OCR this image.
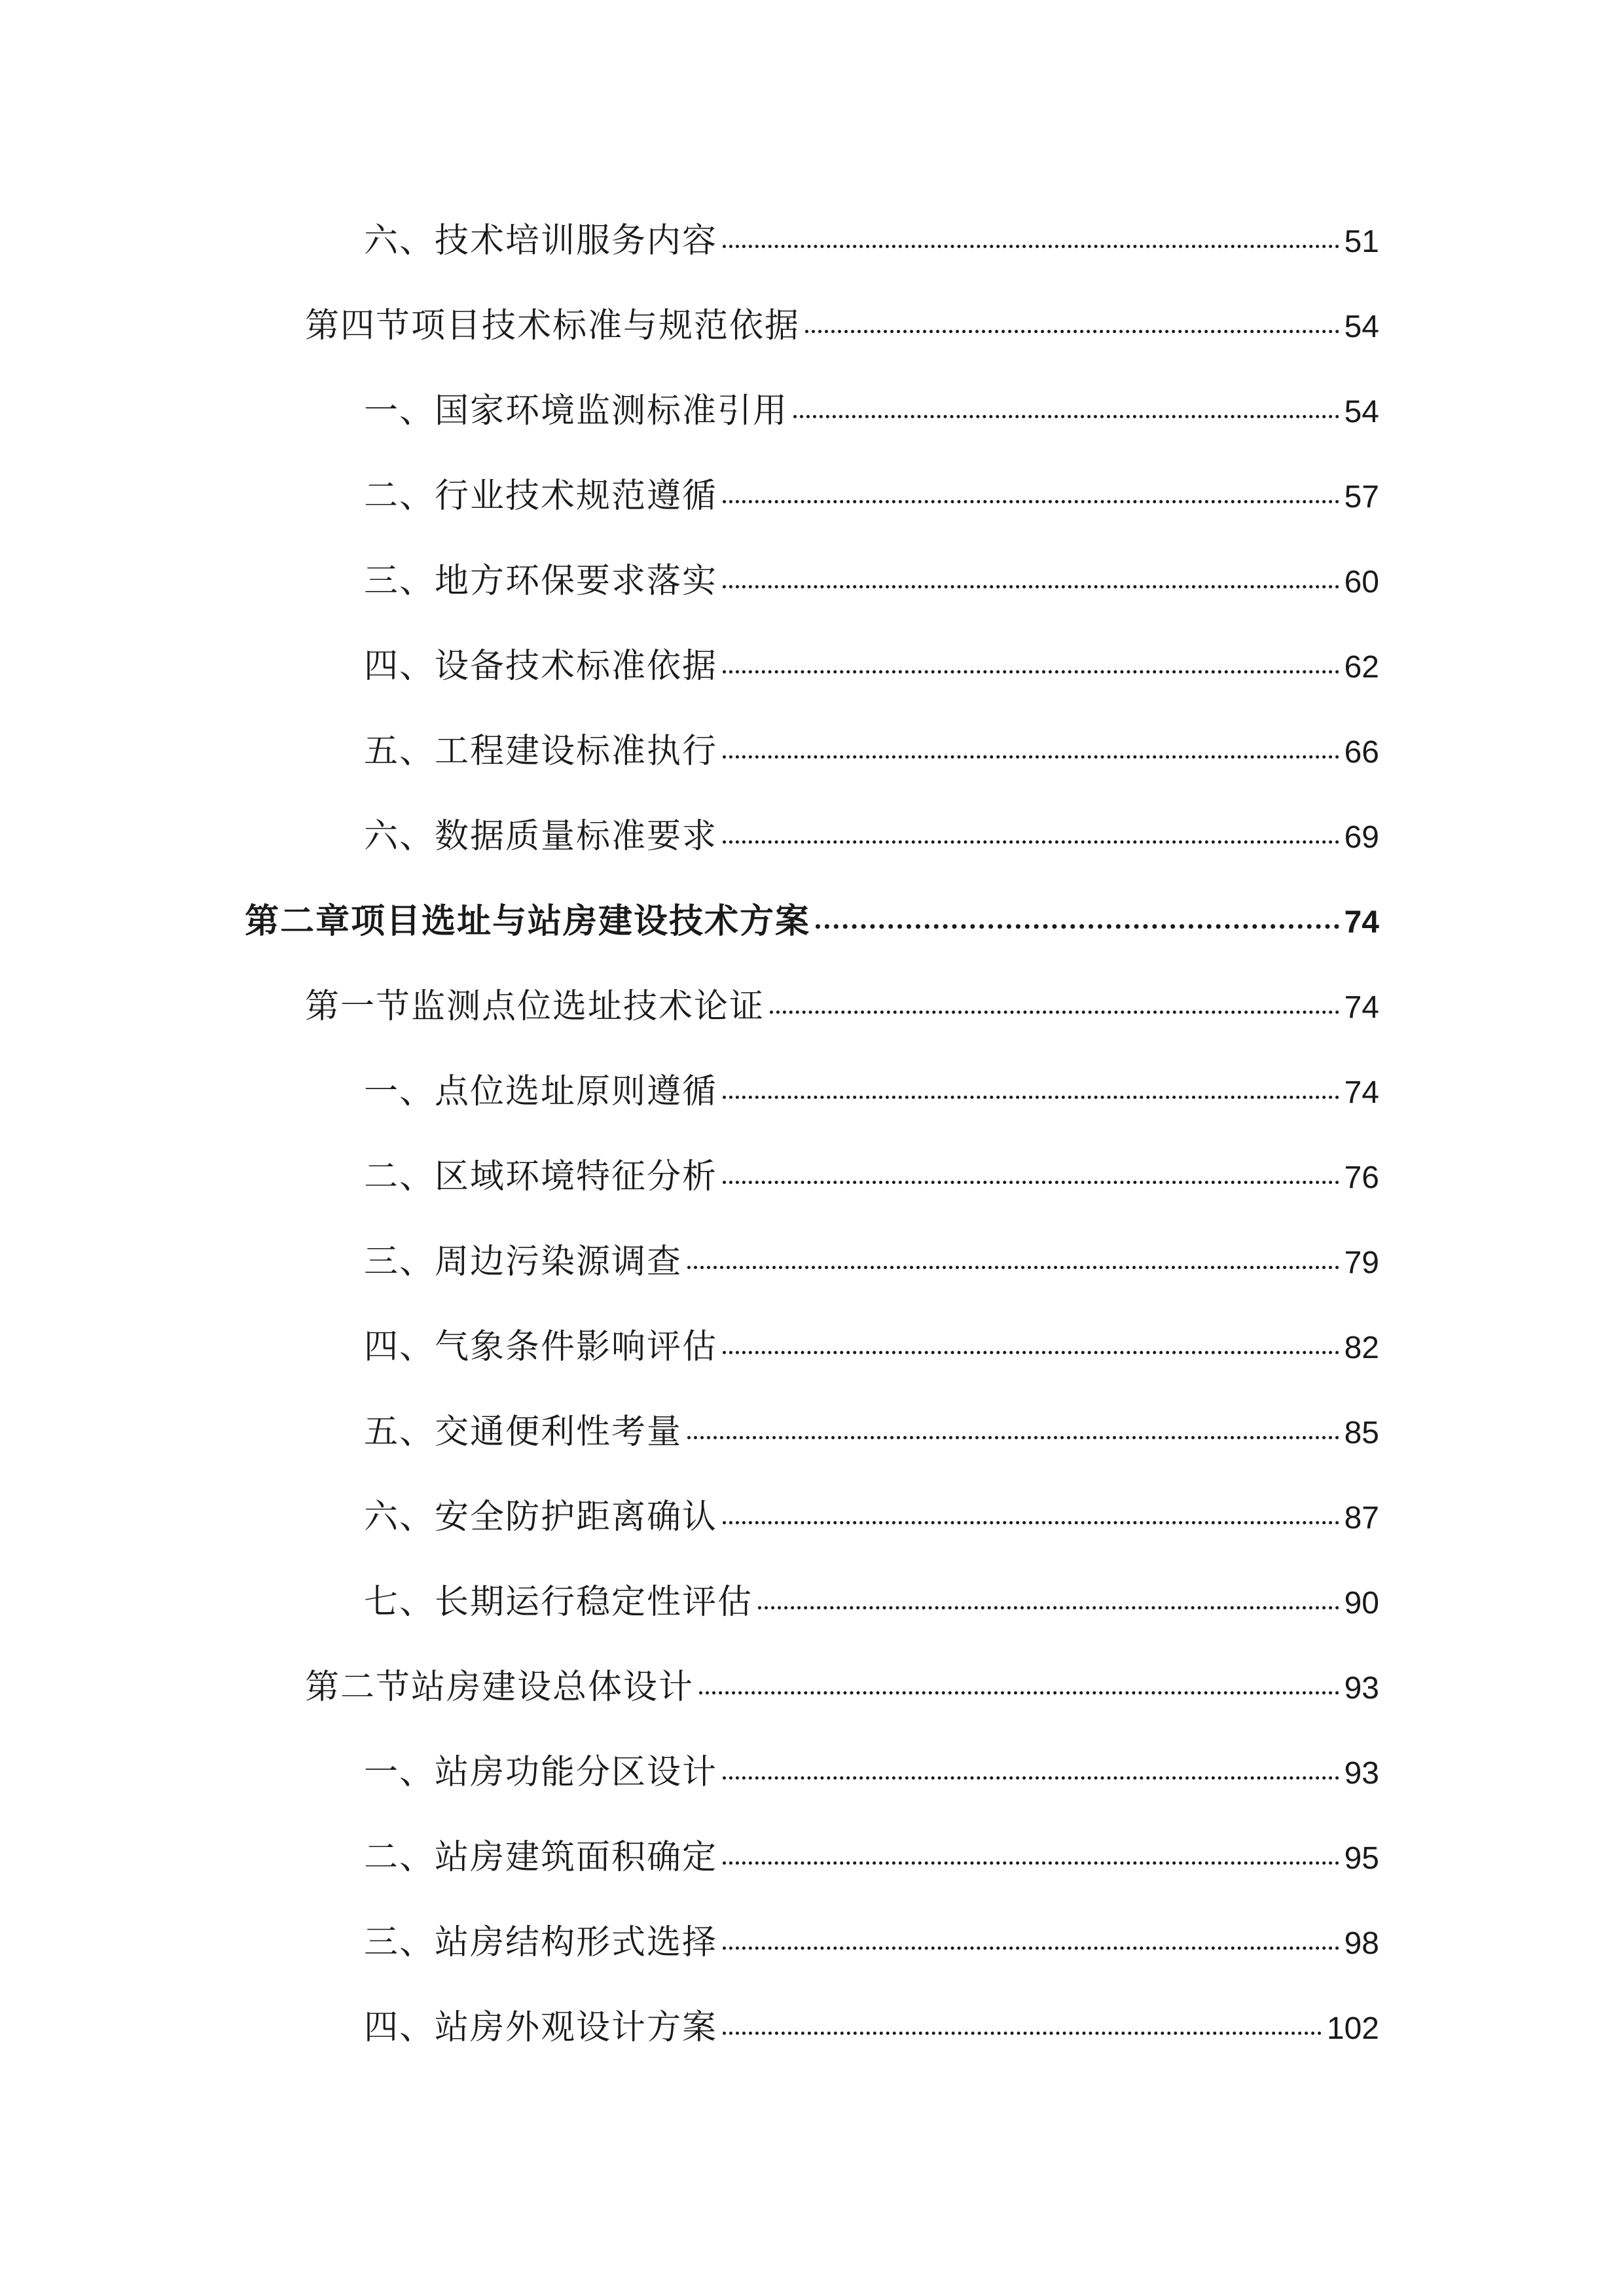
六、技术培训服务内容	51
第四节项目技术标准与规范依据	54
一、国家环境监测标准引用	54
二、行业技术规范遵循	57
三、地方环保要求落实	60
四、设备技术标准依据	62
五、工程建设标准执行	66
六、数据质量标准要求	69
第二章项目选址与站房建设技术方案	74
第一节监测点位选址技术论证	74
一、点位选址原则遵循	74
二、区域环境特征分析	76
三、周边污染源调查	79
四、气象条件影响评估	82
五、交通便利性考量	85
六、安全防护距离确认	87
七、长期运行稳定性评估	90
第二节站房建设总体设计	93
一、站房功能分区设计	93
二、站房建筑面积确定	95
三、站房结构形式选择	98
四、站房外观设计方案	102
